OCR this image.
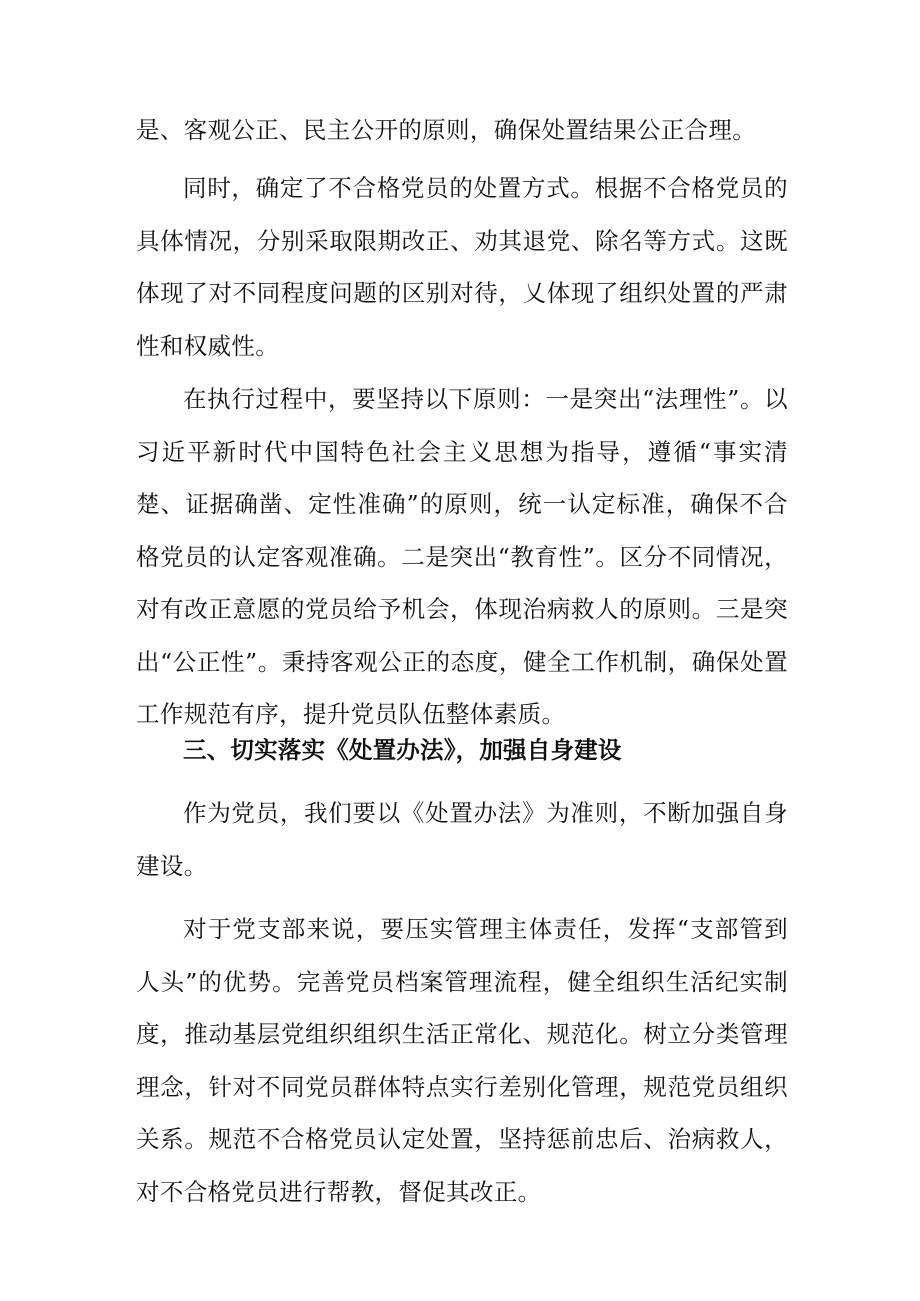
是、客观公正、民主公开的原则，确保处置结果公正合理。

同时，确定了不合格党员的处置方式。根据不合格党员的具体情况，分别采取限期改正、劝其退党、除名等方式。这既体现了对不同程度问题的区别对待，乂体现了组织处置的严肃性和权威性。

在执行过程中，要坚持以下原则：一是突出“法理性”。以习近平新时代中国特色社会主义思想为指导，遵循“事实清楚、证据确凿、定性准确”的原则，统一认定标准，确保不合格党员的认定客观准确。二是突出“教育性”。区分不同情况，对有改正意愿的党员给予机会，体现治病救人的原则。三是突出“公正性”。秉持客观公正的态度，健全工作机制，确保处置工作规范有序，提升党员队伍整体素质。

三、切实落实《处置办法》，加强自身建设

作为党员，我们要以《处置办法》为准则，不断加强自身建设。

对于党支部来说，要压实管理主体责任，发挥“支部管到人头”的优势。完善党员档案管理流程，健全组织生活纪实制度，推动基层党组织组织生活正常化、规范化。树立分类管理理念，针对不同党员群体特点实行差别化管理，规范党员组织关系。规范不合格党员认定处置，坚持惩前忠后、治病救人，对不合格党员进行帮教，督促其改正。
